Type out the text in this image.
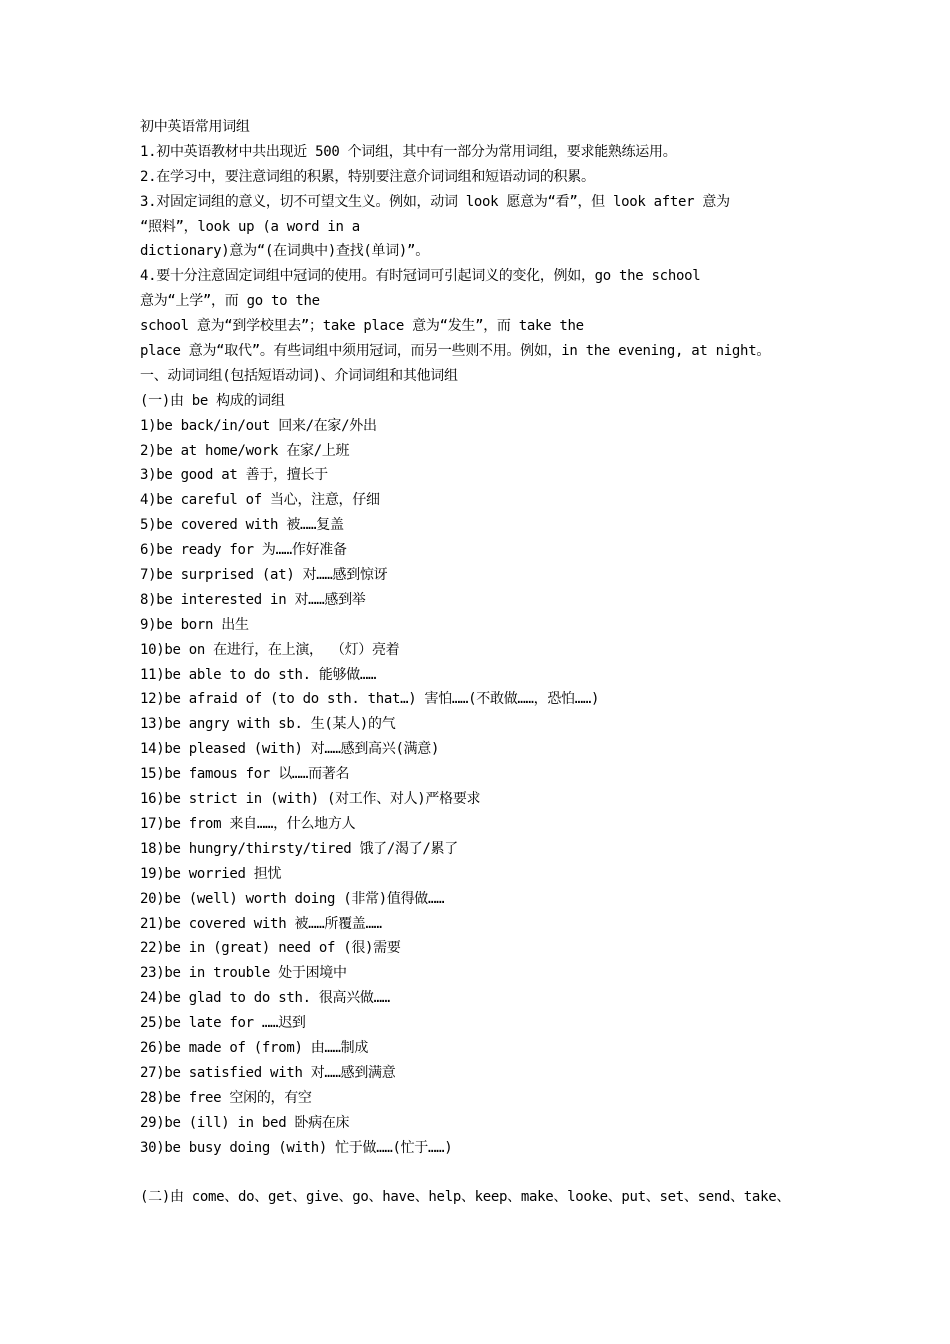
初中英语常用词组
1.初中英语教材中共出现近 500 个词组，其中有一部分为常用词组，要求能熟练运用。
2.在学习中，要注意词组的积累，特别要注意介词词组和短语动词的积累。
3.对固定词组的意义，切不可望文生义。例如，动词 look 愿意为“看”，但 look after 意为
“照料”，look up (a word in a
dictionary)意为“(在词典中)查找(单词)”。
4.要十分注意固定词组中冠词的使用。有时冠词可引起词义的变化，例如，go the school
意为“上学”，而 go to the
school 意为“到学校里去”；take place 意为“发生”，而 take the
place 意为“取代”。有些词组中须用冠词，而另一些则不用。例如，in the evening, at night。
一、动词词组(包括短语动词)、介词词组和其他词组
(一)由 be 构成的词组
1)be back/in/out 回来/在家/外出
2)be at home/work 在家/上班
3)be good at 善于，擅长于
4)be careful of 当心，注意，仔细
5)be covered with 被……复盖
6)be ready for 为……作好准备
7)be surprised (at) 对……感到惊讶
8)be interested in 对……感到举
9)be born 出生
10)be on 在进行，在上演， （灯）亮着
11)be able to do sth. 能够做……
12)be afraid of (to do sth. that…) 害怕……(不敢做……，恐怕……)
13)be angry with sb. 生(某人)的气
14)be pleased (with) 对……感到高兴(满意)
15)be famous for 以……而著名
16)be strict in (with) (对工作、对人)严格要求
17)be from 来自……，什么地方人
18)be hungry/thirsty/tired 饿了/渴了/累了
19)be worried 担忧
20)be (well) worth doing (非常)值得做……
21)be covered with 被……所覆盖……
22)be in (great) need of (很)需要
23)be in trouble 处于困境中
24)be glad to do sth. 很高兴做……
25)be late for ……迟到
26)be made of (from) 由……制成
27)be satisfied with 对……感到满意
28)be free 空闲的，有空
29)be (ill) in bed 卧病在床
30)be busy doing (with) 忙于做……(忙于……)
(二)由 come、do、get、give、go、have、help、keep、make、looke、put、set、send、take、
